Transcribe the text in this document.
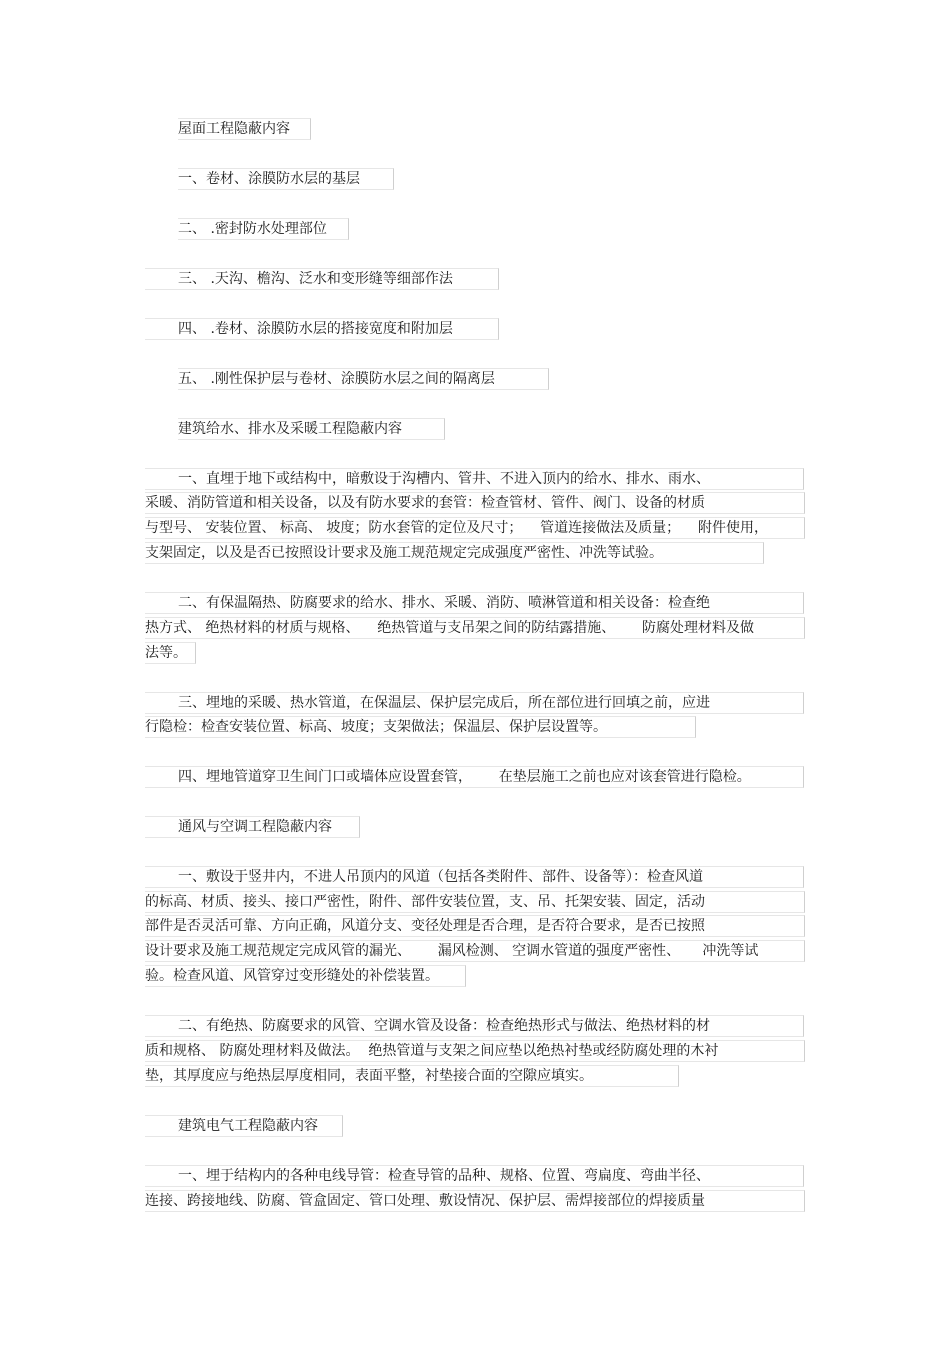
屋面工程隐蔽内容
一、卷材、涂膜防水层的基层
二、 .密封防水处理部位
三、 .天沟、檐沟、泛水和变形缝等细部作法
四、 .卷材、涂膜防水层的搭接宽度和附加层
五、 .刚性保护层与卷材、涂膜防水层之间的隔离层
建筑给水、排水及采暖工程隐蔽内容
一、直埋于地下或结构中，暗敷设于沟槽内、管井、不进入顶内的给水、排水、雨水、
采暖、消防管道和相关设备，以及有防水要求的套管：检查管材、管件、阀门、设备的材质
与型号、 安装位置、 标高、 坡度；防水套管的定位及尺寸；    管道连接做法及质量；    附件使用，
支架固定，以及是否已按照设计要求及施工规范规定完成强度严密性、冲洗等试验。
二、有保温隔热、防腐要求的给水、排水、采暖、消防、喷淋管道和相关设备：检查绝
热方式、 绝热材料的材质与规格、    绝热管道与支吊架之间的防结露措施、      防腐处理材料及做
法等。
三、埋地的采暖、热水管道，在保温层、保护层完成后，所在部位进行回填之前，应进
行隐检：检查安装位置、标高、坡度；支架做法；保温层、保护层设置等。
四、埋地管道穿卫生间门口或墙体应设置套管，      在垫层施工之前也应对该套管进行隐检。
通风与空调工程隐蔽内容
一、敷设于竖井内，不进人吊顶内的风道（包括各类附件、部件、设备等）：检查风道
的标高、材质、接头、接口严密性，附件、部件安装位置，支、吊、托架安装、固定，活动
部件是否灵活可靠、方向正确，风道分支、变径处理是否合理，是否符合要求，是否已按照
设计要求及施工规范规定完成风管的漏光、      漏风检测、 空调水管道的强度严密性、     冲洗等试
验。检查风道、风管穿过变形缝处的补偿装置。
二、有绝热、防腐要求的风管、空调水管及设备：检查绝热形式与做法、绝热材料的材
质和规格、 防腐处理材料及做法。  绝热管道与支架之间应垫以绝热衬垫或经防腐处理的木衬
垫，其厚度应与绝热层厚度相同，表面平整，衬垫接合面的空隙应填实。
建筑电气工程隐蔽内容
一、埋于结构内的各种电线导管：检查导管的品种、规格、位置、弯扁度、弯曲半径、
连接、跨接地线、防腐、管盒固定、管口处理、敷设情况、保护层、需焊接部位的焊接质量
